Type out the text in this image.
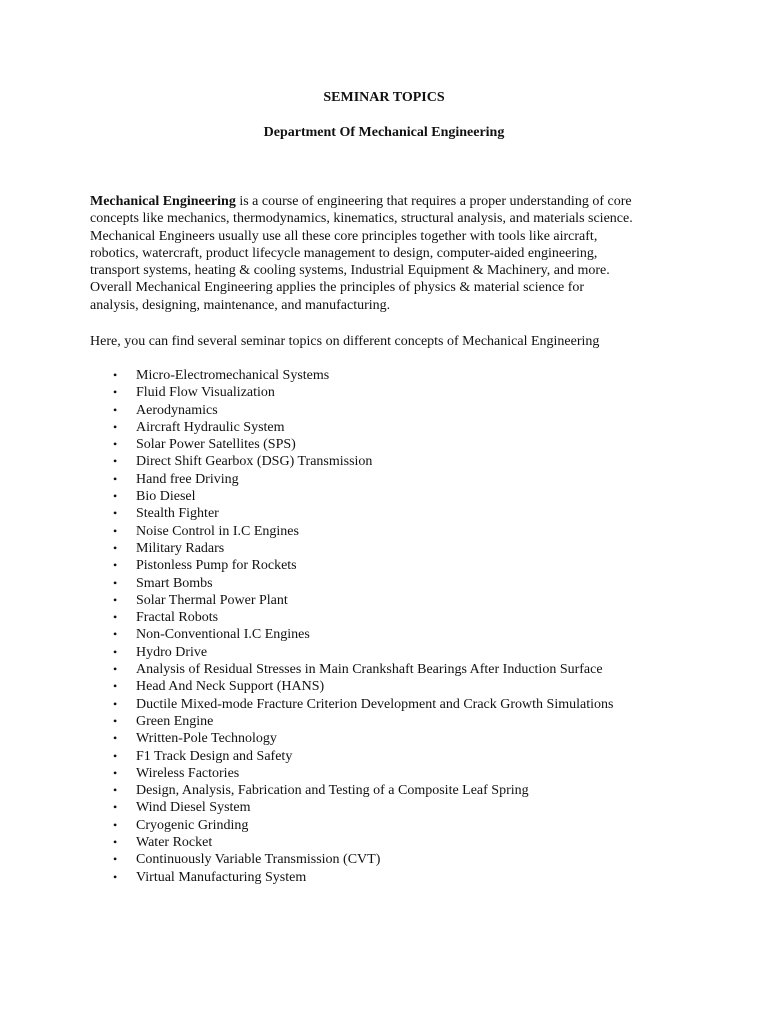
SEMINAR TOPICS
Department Of Mechanical Engineering
Mechanical Engineering is a course of engineering that requires a proper understanding of core
concepts like mechanics, thermodynamics, kinematics, structural analysis, and materials science.
Mechanical Engineers usually use all these core principles together with tools like aircraft,
robotics, watercraft, product lifecycle management to design, computer-aided engineering,
transport systems, heating & cooling systems, Industrial Equipment & Machinery, and more.
Overall Mechanical Engineering applies the principles of physics & material science for
analysis, designing, maintenance, and manufacturing.
Here, you can find several seminar topics on different concepts of Mechanical Engineering
• Micro-Electromechanical Systems
• Fluid Flow Visualization
• Aerodynamics
• Aircraft Hydraulic System
• Solar Power Satellites (SPS)
• Direct Shift Gearbox (DSG) Transmission
• Hand free Driving
• Bio Diesel
• Stealth Fighter
• Noise Control in I.C Engines
• Military Radars
• Pistonless Pump for Rockets
• Smart Bombs
• Solar Thermal Power Plant
• Fractal Robots
• Non-Conventional I.C Engines
• Hydro Drive
• Analysis of Residual Stresses in Main Crankshaft Bearings After Induction Surface
• Head And Neck Support (HANS)
• Ductile Mixed-mode Fracture Criterion Development and Crack Growth Simulations
• Green Engine
• Written-Pole Technology
• F1 Track Design and Safety
• Wireless Factories
• Design, Analysis, Fabrication and Testing of a Composite Leaf Spring
• Wind Diesel System
• Cryogenic Grinding
• Water Rocket
• Continuously Variable Transmission (CVT)
• Virtual Manufacturing System
